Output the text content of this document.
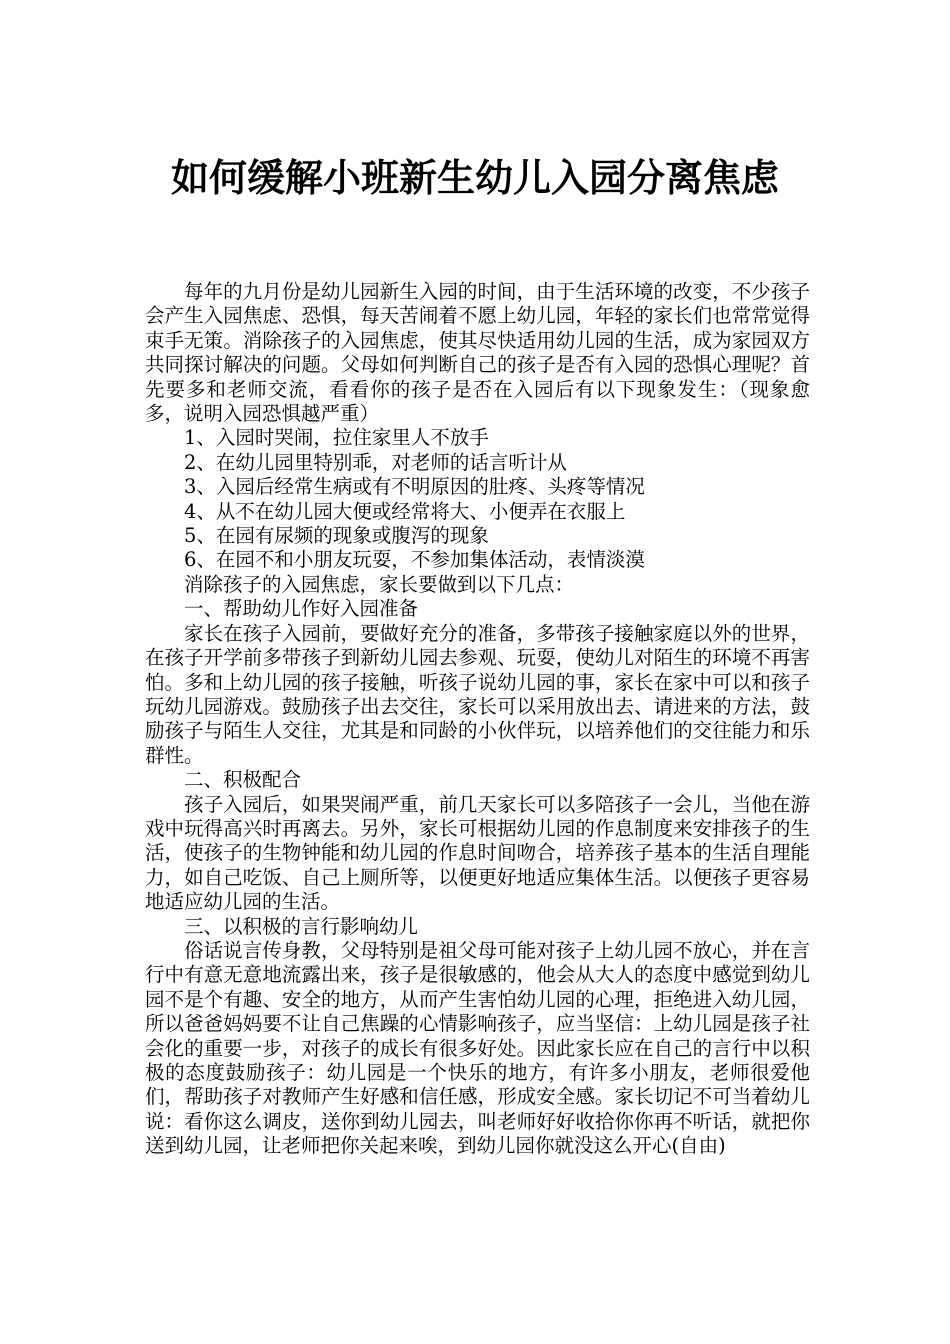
如何缓解小班新生幼儿入园分离焦虑

每年的九月份是幼儿园新生入园的时间，由于生活环境的改变，不少孩子会产生入园焦虑、恐惧，每天苦闹着不愿上幼儿园，年轻的家长们也常常觉得束手无策。消除孩子的入园焦虑，使其尽快适用幼儿园的生活，成为家园双方共同探讨解决的问题。父母如何判断自己的孩子是否有入园的恐惧心理呢？首先要多和老师交流，看看你的孩子是否在入园后有以下现象发生：（现象愈多，说明入园恐惧越严重）

1、入园时哭闹，拉住家里人不放手

2、在幼儿园里特别乖，对老师的话言听计从

3、入园后经常生病或有不明原因的肚疼、头疼等情况

4、从不在幼儿园大便或经常将大、小便弄在衣服上

5、在园有尿频的现象或腹泻的现象

6、在园不和小朋友玩耍，不参加集体活动，表情淡漠

消除孩子的入园焦虑，家长要做到以下几点：

一、帮助幼儿作好入园准备

家长在孩子入园前，要做好充分的准备，多带孩子接触家庭以外的世界，在孩子开学前多带孩子到新幼儿园去参观、玩耍，使幼儿对陌生的环境不再害怕。多和上幼儿园的孩子接触，听孩子说幼儿园的事，家长在家中可以和孩子玩幼儿园游戏。鼓励孩子出去交往，家长可以采用放出去、请进来的方法，鼓励孩子与陌生人交往，尤其是和同龄的小伙伴玩，以培养他们的交往能力和乐群性。

二、积极配合

孩子入园后，如果哭闹严重，前几天家长可以多陪孩子一会儿，当他在游戏中玩得高兴时再离去。另外，家长可根据幼儿园的作息制度来安排孩子的生活，使孩子的生物钟能和幼儿园的作息时间吻合，培养孩子基本的生活自理能力，如自己吃饭、自己上厕所等，以便更好地适应集体生活。以便孩子更容易地适应幼儿园的生活。

三、以积极的言行影响幼儿

俗话说言传身教，父母特别是祖父母可能对孩子上幼儿园不放心，并在言行中有意无意地流露出来，孩子是很敏感的，他会从大人的态度中感觉到幼儿园不是个有趣、安全的地方，从而产生害怕幼儿园的心理，拒绝进入幼儿园，所以爸爸妈妈要不让自己焦躁的心情影响孩子，应当坚信：上幼儿园是孩子社会化的重要一步，对孩子的成长有很多好处。因此家长应在自己的言行中以积极的态度鼓励孩子：幼儿园是一个快乐的地方，有许多小朋友，老师很爱他们，帮助孩子对教师产生好感和信任感，形成安全感。家长切记不可当着幼儿说：看你这么调皮，送你到幼儿园去，叫老师好好收拾你你再不听话，就把你送到幼儿园，让老师把你关起来唉，到幼儿园你就没这么开心(自由)
